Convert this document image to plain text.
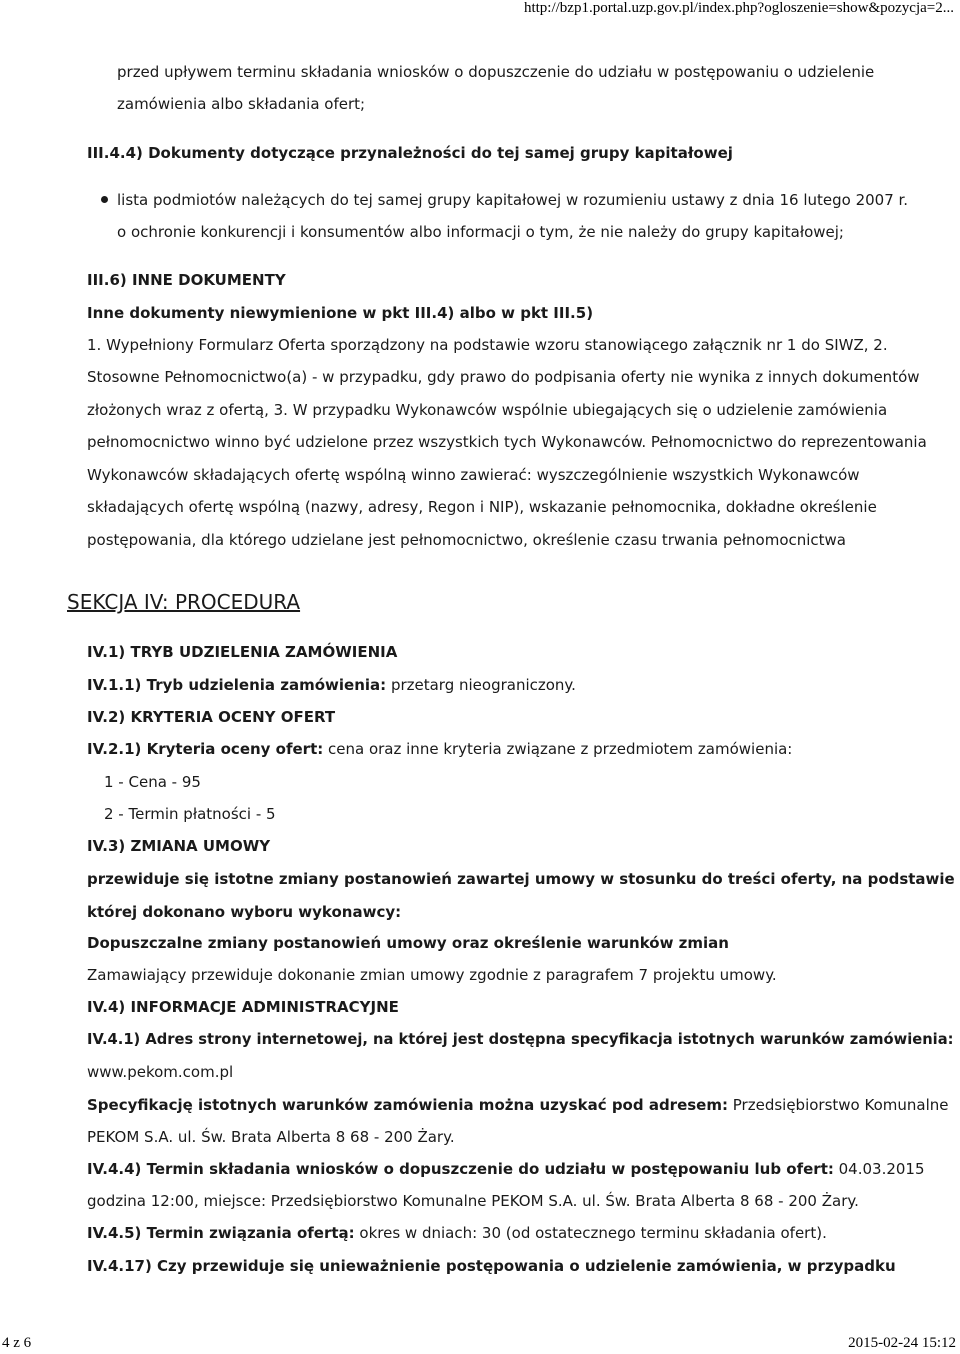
http://bzp1.portal.uzp.gov.pl/index.php?ogloszenie=show&pozycja=2...
przed upływem terminu składania wniosków o dopuszczenie do udziału w postępowaniu o udzielenie
zamówienia albo składania ofert;
III.4.4) Dokumenty dotyczące przynależności do tej samej grupy kapitałowej
lista podmiotów należących do tej samej grupy kapitałowej w rozumieniu ustawy z dnia 16 lutego 2007 r.
o ochronie konkurencji i konsumentów albo informacji o tym, że nie należy do grupy kapitałowej;
III.6) INNE DOKUMENTY
Inne dokumenty niewymienione w pkt III.4) albo w pkt III.5)
1. Wypełniony Formularz Oferta sporządzony na podstawie wzoru stanowiącego załącznik nr 1 do SIWZ, 2.
Stosowne Pełnomocnictwo(a) - w przypadku, gdy prawo do podpisania oferty nie wynika z innych dokumentów
złożonych wraz z ofertą, 3. W przypadku Wykonawców wspólnie ubiegających się o udzielenie zamówienia
pełnomocnictwo winno być udzielone przez wszystkich tych Wykonawców. Pełnomocnictwo do reprezentowania
Wykonawców składających ofertę wspólną winno zawierać: wyszczególnienie wszystkich Wykonawców
składających ofertę wspólną (nazwy, adresy, Regon i NIP), wskazanie pełnomocnika, dokładne określenie
postępowania, dla którego udzielane jest pełnomocnictwo, określenie czasu trwania pełnomocnictwa
SEKCJA IV: PROCEDURA
IV.1) TRYB UDZIELENIA ZAMÓWIENIA
IV.1.1) Tryb udzielenia zamówienia: przetarg nieograniczony.
IV.2) KRYTERIA OCENY OFERT
IV.2.1) Kryteria oceny ofert: cena oraz inne kryteria związane z przedmiotem zamówienia:
1 - Cena - 95
2 - Termin płatności - 5
IV.3) ZMIANA UMOWY
przewiduje się istotne zmiany postanowień zawartej umowy w stosunku do treści oferty, na podstawie
której dokonano wyboru wykonawcy:
Dopuszczalne zmiany postanowień umowy oraz określenie warunków zmian
Zamawiający przewiduje dokonanie zmian umowy zgodnie z paragrafem 7 projektu umowy.
IV.4) INFORMACJE ADMINISTRACYJNE
IV.4.1) Adres strony internetowej, na której jest dostępna specyfikacja istotnych warunków zamówienia:
www.pekom.com.pl
Specyfikację istotnych warunków zamówienia można uzyskać pod adresem: Przedsiębiorstwo Komunalne
PEKOM S.A. ul. Św. Brata Alberta 8 68 - 200 Żary.
IV.4.4) Termin składania wniosków o dopuszczenie do udziału w postępowaniu lub ofert: 04.03.2015
godzina 12:00, miejsce: Przedsiębiorstwo Komunalne PEKOM S.A. ul. Św. Brata Alberta 8 68 - 200 Żary.
IV.4.5) Termin związania ofertą: okres w dniach: 30 (od ostatecznego terminu składania ofert).
IV.4.17) Czy przewiduje się unieważnienie postępowania o udzielenie zamówienia, w przypadku
4 z 6	2015-02-24 15:12
